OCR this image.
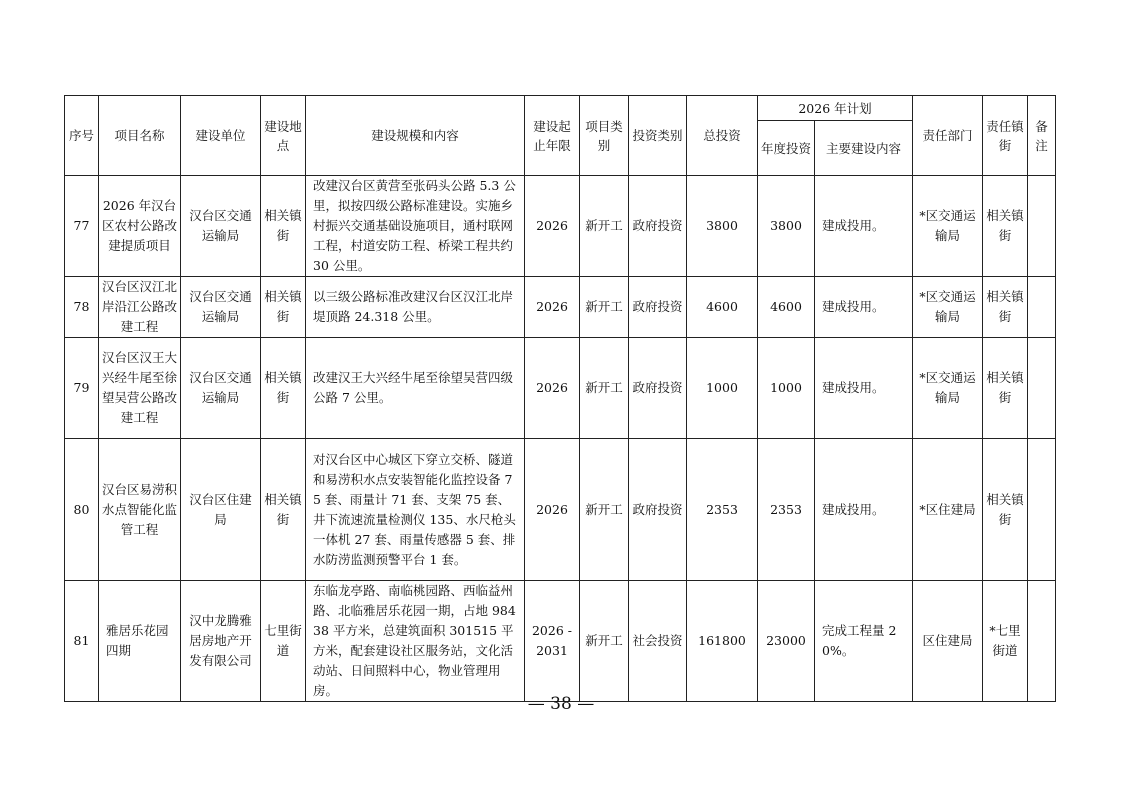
序号	项目名称	建设单位	建设地点	建设规模和内容	建设起止年限	项目类别	投资类别	总投资	2026 年计划		责任部门	责任镇街	备注
									年度投资	主要建设内容			
77	2026 年汉台区农村公路改建提质项目	汉台区交通运输局	相关镇街	改建汉台区黄营至张码头公路 5.3 公里，拟按四级公路标准建设。实施乡村振兴交通基础设施项目，通村联网工程，村道安防工程、桥梁工程共约 30 公里。	2026	新开工	政府投资	3800	3800	建成投用。	*区交通运输局	相关镇街	
78	汉台区汉江北岸沿江公路改建工程	汉台区交通运输局	相关镇街	以三级公路标准改建汉台区汉江北岸堤顶路 24.318 公里。	2026	新开工	政府投资	4600	4600	建成投用。	*区交通运输局	相关镇街	
79	汉台区汉王大兴经牛尾至徐望吴营公路改建工程	汉台区交通运输局	相关镇街	改建汉王大兴经牛尾至徐望吴营四级公路 7 公里。	2026	新开工	政府投资	1000	1000	建成投用。	*区交通运输局	相关镇街	
80	汉台区易涝积水点智能化监管工程	汉台区住建局	相关镇街	对汉台区中心城区下穿立交桥、隧道和易涝积水点安装智能化监控设备 75 套、雨量计 71 套、支架 75 套、井下流速流量检测仪 135、水尺枪头一体机 27 套、雨量传感器 5 套、排水防涝监测预警平台 1 套。	2026	新开工	政府投资	2353	2353	建成投用。	*区住建局	相关镇街	
81	雅居乐花园四期	汉中龙腾雅居房地产开发有限公司	七里街道	东临龙亭路、南临桃园路、西临益州路、北临雅居乐花园一期，占地 98438 平方米，总建筑面积 301515 平方米，配套建设社区服务站，文化活动站、日间照料中心，物业管理用房。	2026 - 2031	新开工	社会投资	161800	23000	完成工程量 20%。	区住建局	*七里街道	
— 38 —
